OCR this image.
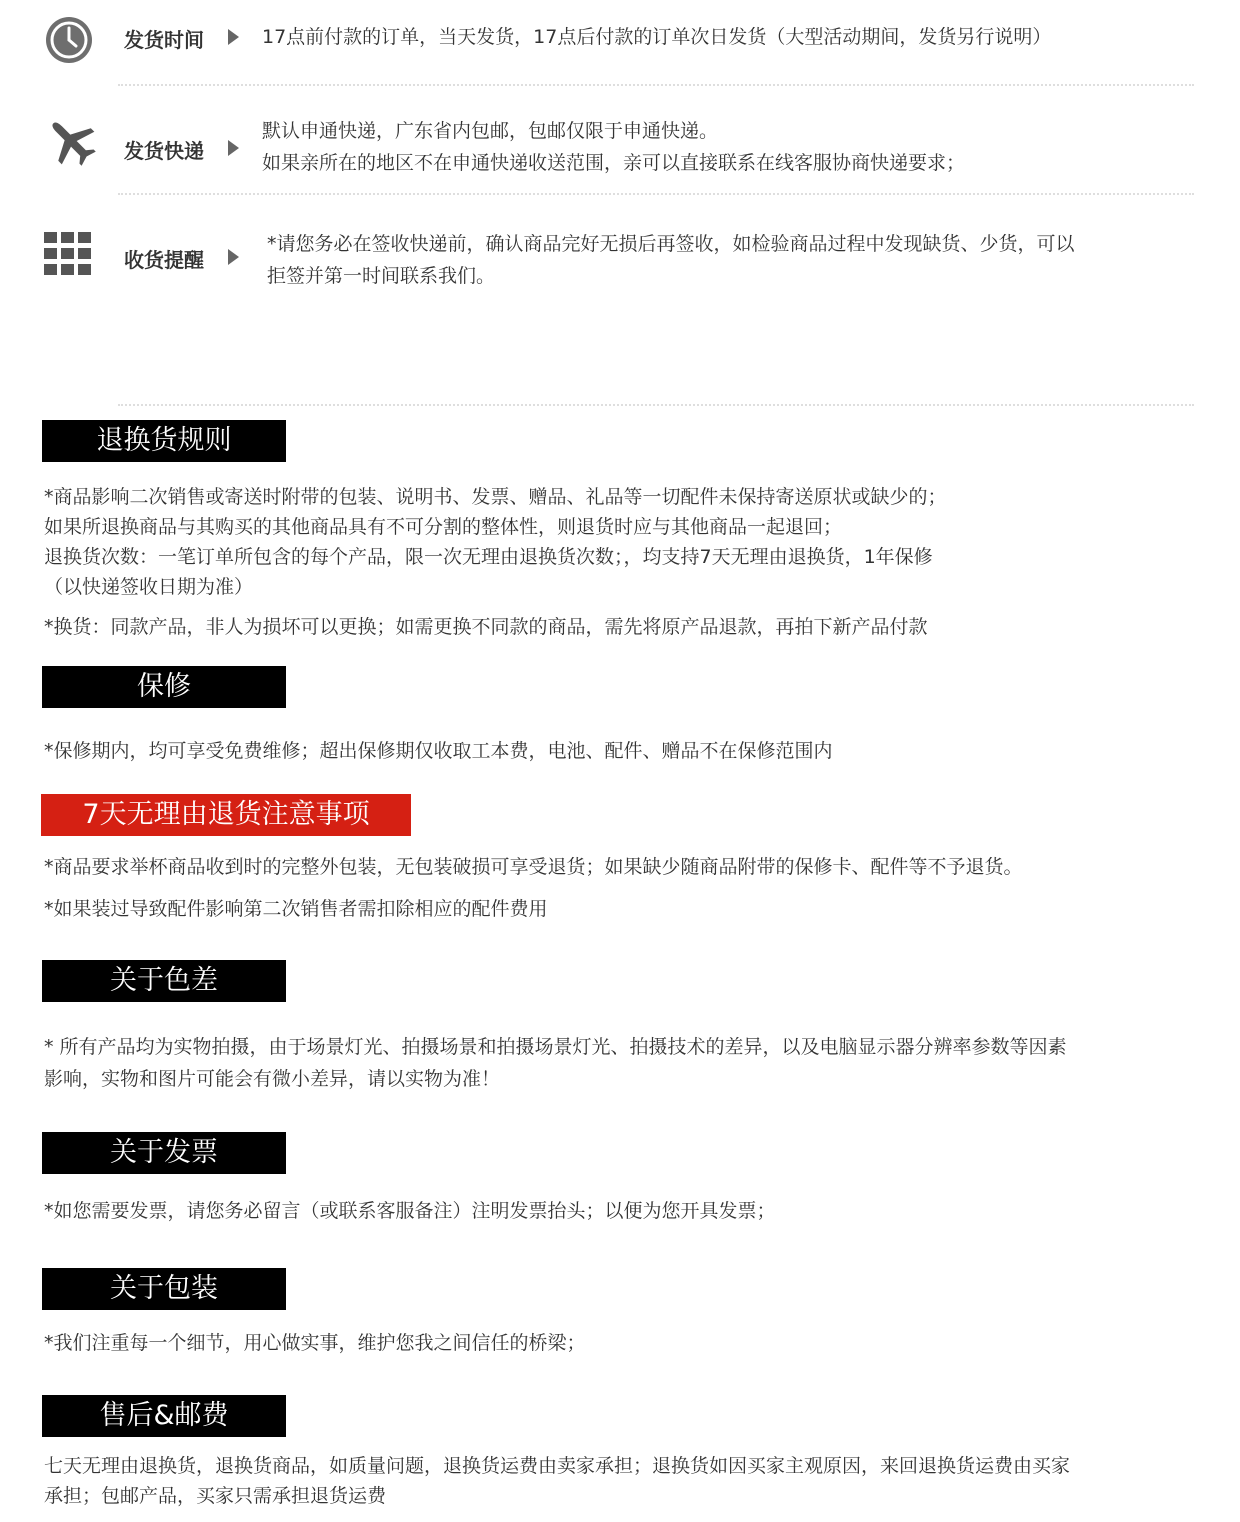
发货时间	17点前付款的订单，当天发货，17点后付款的订单次日发货（大型活动期间，发货另行说明）
发货快递
默认申通快递，广东省内包邮，包邮仅限于申通快递。
如果亲所在的地区不在申通快递收送范围，亲可以直接联系在线客服协商快递要求；
收货提醒
*请您务必在签收快递前，确认商品完好无损后再签收，如检验商品过程中发现缺货、少货，可以
拒签并第一时间联系我们。
退换货规则
*商品影响二次销售或寄送时附带的包装、说明书、发票、赠品、礼品等一切配件未保持寄送原状或缺少的；
如果所退换商品与其购买的其他商品具有不可分割的整体性，则退货时应与其他商品一起退回；
退换货次数：一笔订单所包含的每个产品，限一次无理由退换货次数；，均支持7天无理由退换货，1年保修
（以快递签收日期为准）
*换货：同款产品，非人为损坏可以更换；如需更换不同款的商品，需先将原产品退款，再拍下新产品付款
保修
*保修期内，均可享受免费维修；超出保修期仅收取工本费，电池、配件、赠品不在保修范围内
7天无理由退货注意事项
*商品要求举杯商品收到时的完整外包装，无包装破损可享受退货；如果缺少随商品附带的保修卡、配件等不予退货。
*如果装过导致配件影响第二次销售者需扣除相应的配件费用
关于色差
* 所有产品均为实物拍摄，由于场景灯光、拍摄场景和拍摄场景灯光、拍摄技术的差异，以及电脑显示器分辨率参数等因素
影响，实物和图片可能会有微小差异，请以实物为准！
关于发票
*如您需要发票，请您务必留言（或联系客服备注）注明发票抬头；以便为您开具发票；
关于包装
*我们注重每一个细节，用心做实事，维护您我之间信任的桥梁；
售后&邮费
七天无理由退换货，退换货商品，如质量问题，退换货运费由卖家承担；退换货如因买家主观原因，来回退换货运费由买家
承担；包邮产品，买家只需承担退货运费
